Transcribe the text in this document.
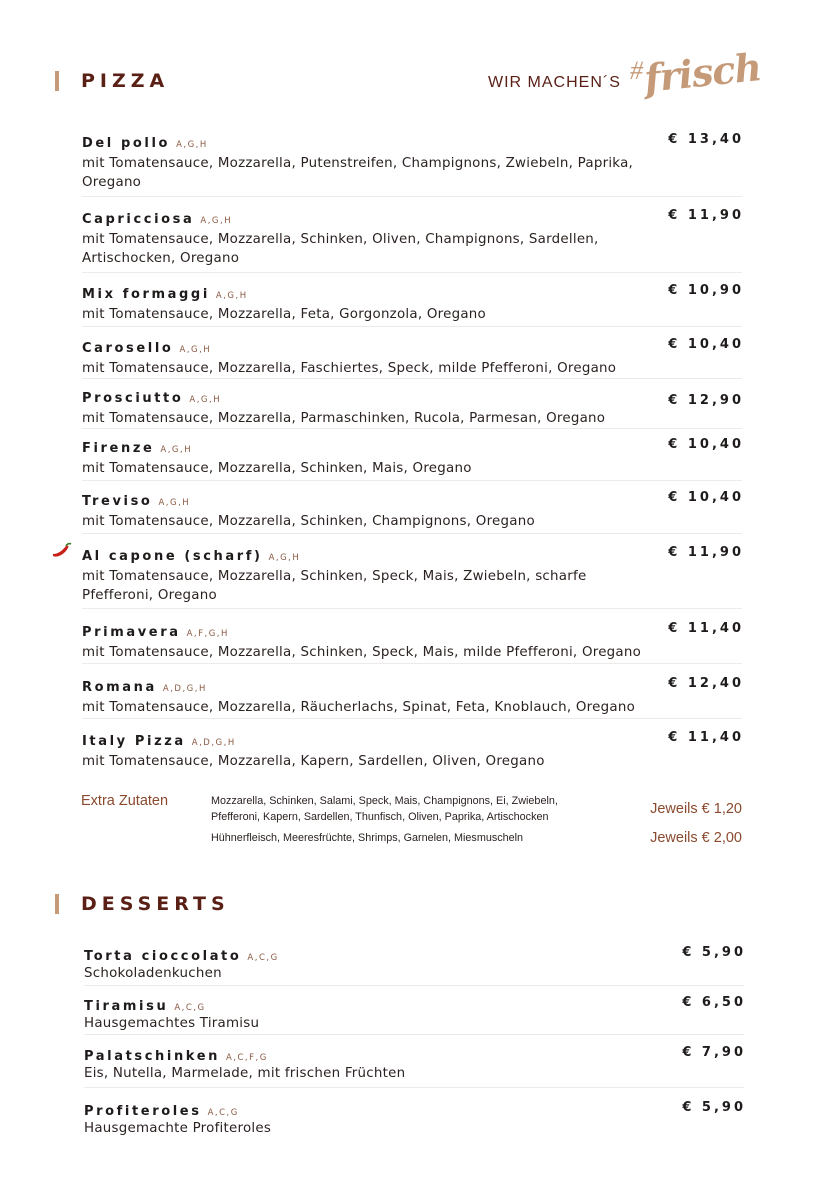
PIZZA	WIR MACHEN´S #
frisch
Del pollo A,G,H
mit Tomatensauce, Mozzarella, Putenstreifen, Champignons, Zwiebeln, Paprika, Oregano
€ 13,40
Capricciosa A,G,H
mit Tomatensauce, Mozzarella, Schinken, Oliven, Champignons, Sardellen, Artischocken, Oregano
€ 11,90
Mix formaggi A,G,H
mit Tomatensauce, Mozzarella, Feta, Gorgonzola, Oregano
€ 10,90
Carosello A,G,H
mit Tomatensauce, Mozzarella, Faschiertes, Speck, milde Pfefferoni, Oregano
€ 10,40
Prosciutto A,G,H
mit Tomatensauce, Mozzarella, Parmaschinken, Rucola, Parmesan, Oregano
€ 12,90
Firenze A,G,H
mit Tomatensauce, Mozzarella, Schinken, Mais, Oregano
€ 10,40
Treviso A,G,H
mit Tomatensauce, Mozzarella, Schinken, Champignons, Oregano
€ 10,40
Al capone (scharf) A,G,H
mit Tomatensauce, Mozzarella, Schinken, Speck, Mais, Zwiebeln, scharfe Pfefferoni, Oregano
€ 11,90
Primavera A,F,G,H
mit Tomatensauce, Mozzarella, Schinken, Speck, Mais, milde Pfefferoni, Oregano
€ 11,40
Romana A,D,G,H
mit Tomatensauce, Mozzarella, Räucherlachs, Spinat, Feta, Knoblauch, Oregano
€ 12,40
Italy Pizza A,D,G,H
mit Tomatensauce, Mozzarella, Kapern, Sardellen, Oliven, Oregano
€ 11,40
Extra Zutaten	Mozzarella, Schinken, Salami, Speck, Mais, Champignons, Ei, Zwiebeln,
Pfefferoni, Kapern, Sardellen, Thunfisch, Oliven, Paprika, Artischocken
Hühnerfleisch, Meeresfrüchte, Shrimps, Garnelen, Miesmuscheln
Jeweils € 1,20
Jeweils € 2,00
DESSERTS
Torta cioccolato A,C,G
Schokoladenkuchen
€ 5,90
Tiramisu A,C,G
Hausgemachtes Tiramisu
€ 6,50
Palatschinken A,C,F,G
Eis, Nutella, Marmelade, mit frischen Früchten
€ 7,90
Profiteroles A,C,G
Hausgemachte Profiteroles
€ 5,90
